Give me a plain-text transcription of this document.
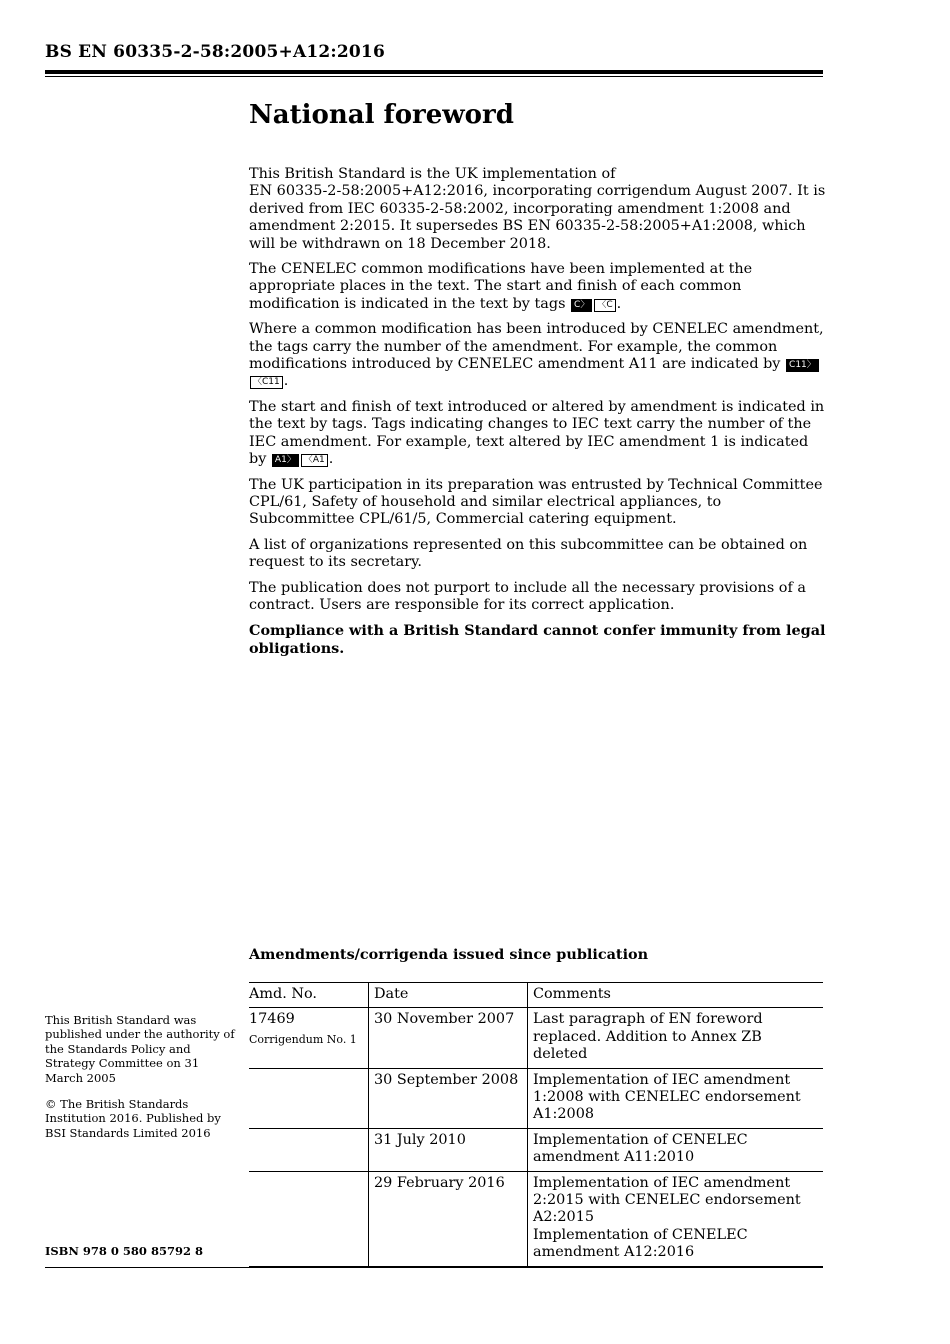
BS EN 60335-2-58:2005+A12:2016
National foreword

This British Standard is the UK implementation of
EN 60335-2-58:2005+A12:2016, incorporating corrigendum August 2007. It is derived from IEC 60335-2-58:2002, incorporating amendment 1:2008 and amendment 2:2015. It supersedes BS EN 60335-2-58:2005+A1:2008, which will be withdrawn on 18 December 2018.

The CENELEC common modifications have been implemented at the appropriate places in the text. The start and finish of each common modification is indicated in the text by tags C 〉	〈 C .

Where a common modification has been introduced by CENELEC amendment, the tags carry the number of the amendment. For example, the common modifications introduced by CENELEC amendment A11 are indicated by C11 〉〈 C11 .

The start and finish of text introduced or altered by amendment is indicated in the text by tags. Tags indicating changes to IEC text carry the number of the IEC amendment. For example, text altered by IEC amendment 1 is indicated by A1 〉	〈 A1 .

The UK participation in its preparation was entrusted by Technical Committee CPL/61, Safety of household and similar electrical appliances, to Subcommittee CPL/61/5, Commercial catering equipment.

A list of organizations represented on this subcommittee can be obtained on request to its secretary.

The publication does not purport to include all the necessary provisions of a contract. Users are responsible for its correct application.

Compliance with a British Standard cannot confer immunity from legal obligations.

Amendments/corrigenda issued since publication
Amd. No.	Date	Comments
17469
Corrigendum No. 1	30 November 2007	Last paragraph of EN foreword replaced. Addition to Annex ZB deleted
	30 September 2008	Implementation of IEC amendment 1:2008 with CENELEC endorsement A1:2008
	31 July 2010	Implementation of CENELEC amendment A11:2010
	29 February 2016	Implementation of IEC amendment 2:2015 with CENELEC endorsement A2:2015
Implementation of CENELEC amendment A12:2016

This British Standard was published under the authority of the Standards Policy and Strategy Committee on 31 March 2005

© The British Standards Institution 2016. Published by BSI Standards Limited 2016

ISBN 978 0 580 85792 8
